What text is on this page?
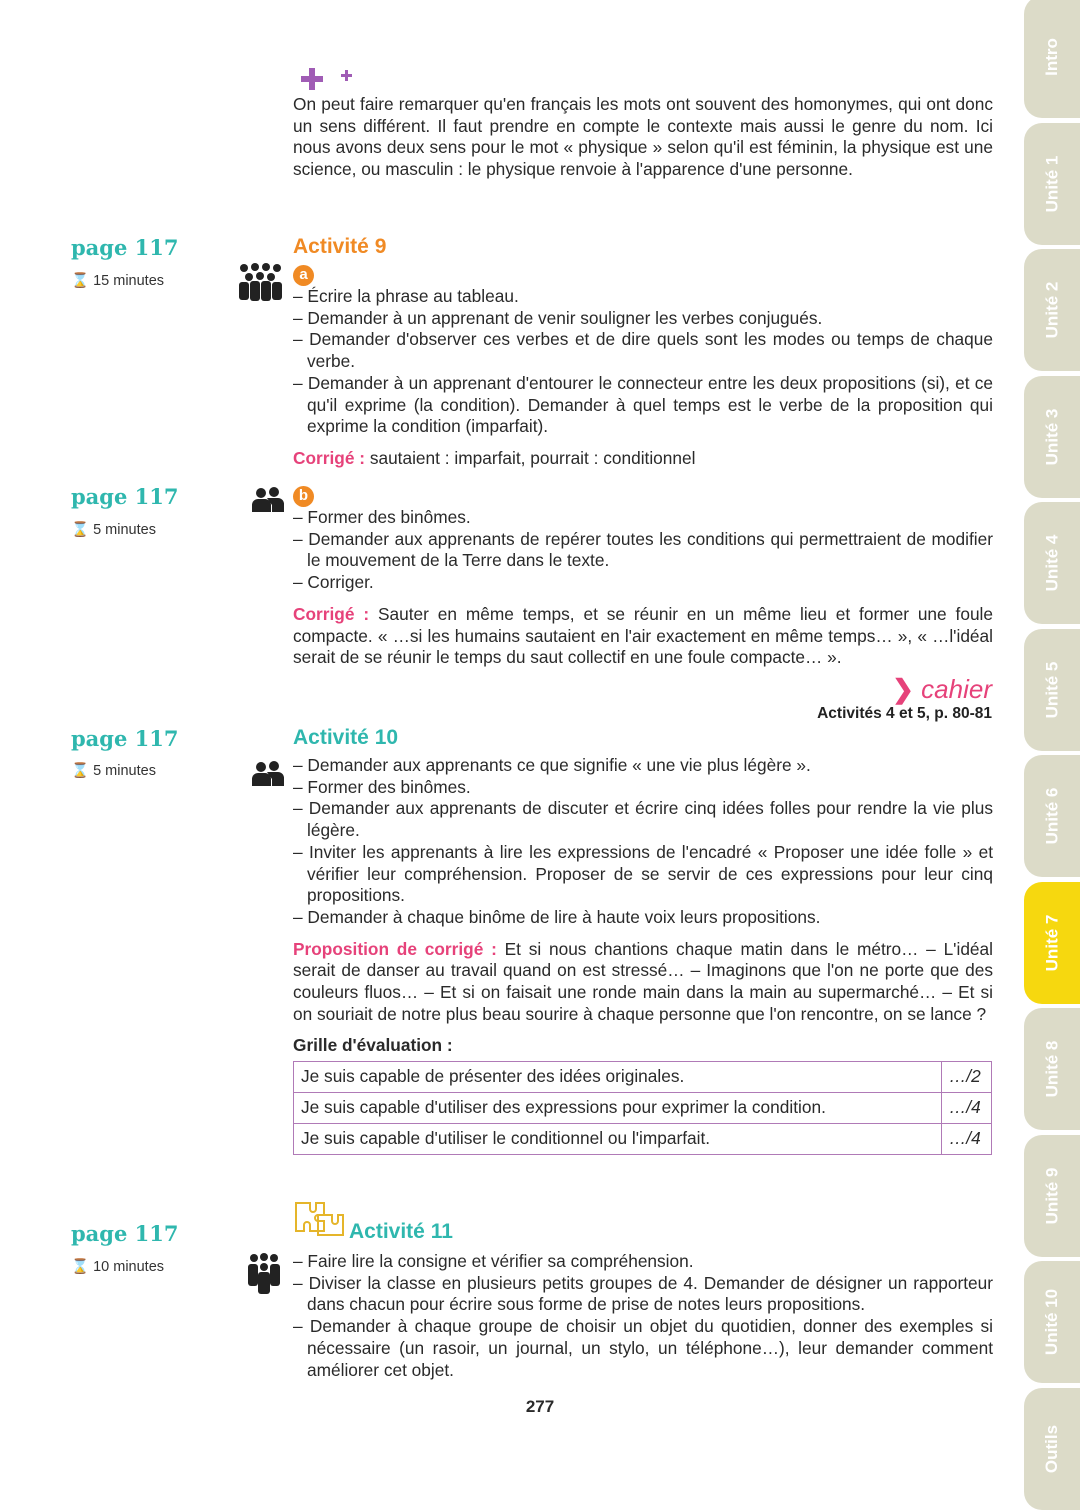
Intro
Unité 1
Unité 2
Unité 3
Unité 4
Unité 5
Unité 6
Unité 7
Unité 8
Unité 9
Unité 10
Outils
On peut faire remarquer qu'en français les mots ont souvent des homonymes, qui ont donc un sens différent. Il faut prendre en compte le contexte mais aussi le genre du nom. Ici nous avons deux sens pour le mot « physique » selon qu'il est féminin, la physique est une science, ou masculin : le physique renvoie à l'apparence d'une personne.
page 117
⌛ 15 minutes
Activité 9
a
– Écrire la phrase au tableau.
– Demander à un apprenant de venir souligner les verbes conjugués.
– Demander d'observer ces verbes et de dire quels sont les modes ou temps de chaque verbe.
– Demander à un apprenant d'entourer le connecteur entre les deux propositions (si), et ce qu'il exprime (la condition). Demander à quel temps est le verbe de la proposition qui exprime la condition (imparfait).
Corrigé : sautaient : imparfait, pourrait : conditionnel
page 117
⌛ 5 minutes
b
– Former des binômes.
– Demander aux apprenants de repérer toutes les conditions qui permettraient de modifier le mouvement de la Terre dans le texte.
– Corriger.
Corrigé : Sauter en même temps, et se réunir en un même lieu et former une foule compacte. « …si les humains sautaient en l'air exactement en même temps… », « …l'idéal serait de se réunir le temps du saut collectif en une foule compacte… ».
❯ cahier
Activités 4 et 5, p. 80-81
page 117
⌛ 5 minutes
Activité 10
– Demander aux apprenants ce que signifie « une vie plus légère ».
– Former des binômes.
– Demander aux apprenants de discuter et écrire cinq idées folles pour rendre la vie plus légère.
– Inviter les apprenants à lire les expressions de l'encadré « Proposer une idée folle » et vérifier leur compréhension. Proposer de se servir de ces expressions pour leur cinq propositions.
– Demander à chaque binôme de lire à haute voix leurs propositions.
Proposition de corrigé : Et si nous chantions chaque matin dans le métro… – L'idéal serait de danser au travail quand on est stressé… – Imaginons que l'on ne porte que des couleurs fluos… – Et si on faisait une ronde main dans la main au supermarché… – Et si on souriait de notre plus beau sourire à chaque personne que l'on rencontre, on se lance ?
Grille d'évaluation :
Je suis capable de présenter des idées originales.	…/2
Je suis capable d'utiliser des expressions pour exprimer la condition.	…/4
Je suis capable d'utiliser le conditionnel ou l'imparfait.	…/4
page 117
⌛ 10 minutes
Activité 11
– Faire lire la consigne et vérifier sa compréhension.
– Diviser la classe en plusieurs petits groupes de 4. Demander de désigner un rapporteur dans chacun pour écrire sous forme de prise de notes leurs propositions.
– Demander à chaque groupe de choisir un objet du quotidien, donner des exemples si nécessaire (un rasoir, un journal, un stylo, un téléphone…), leur demander comment améliorer cet objet.
277
